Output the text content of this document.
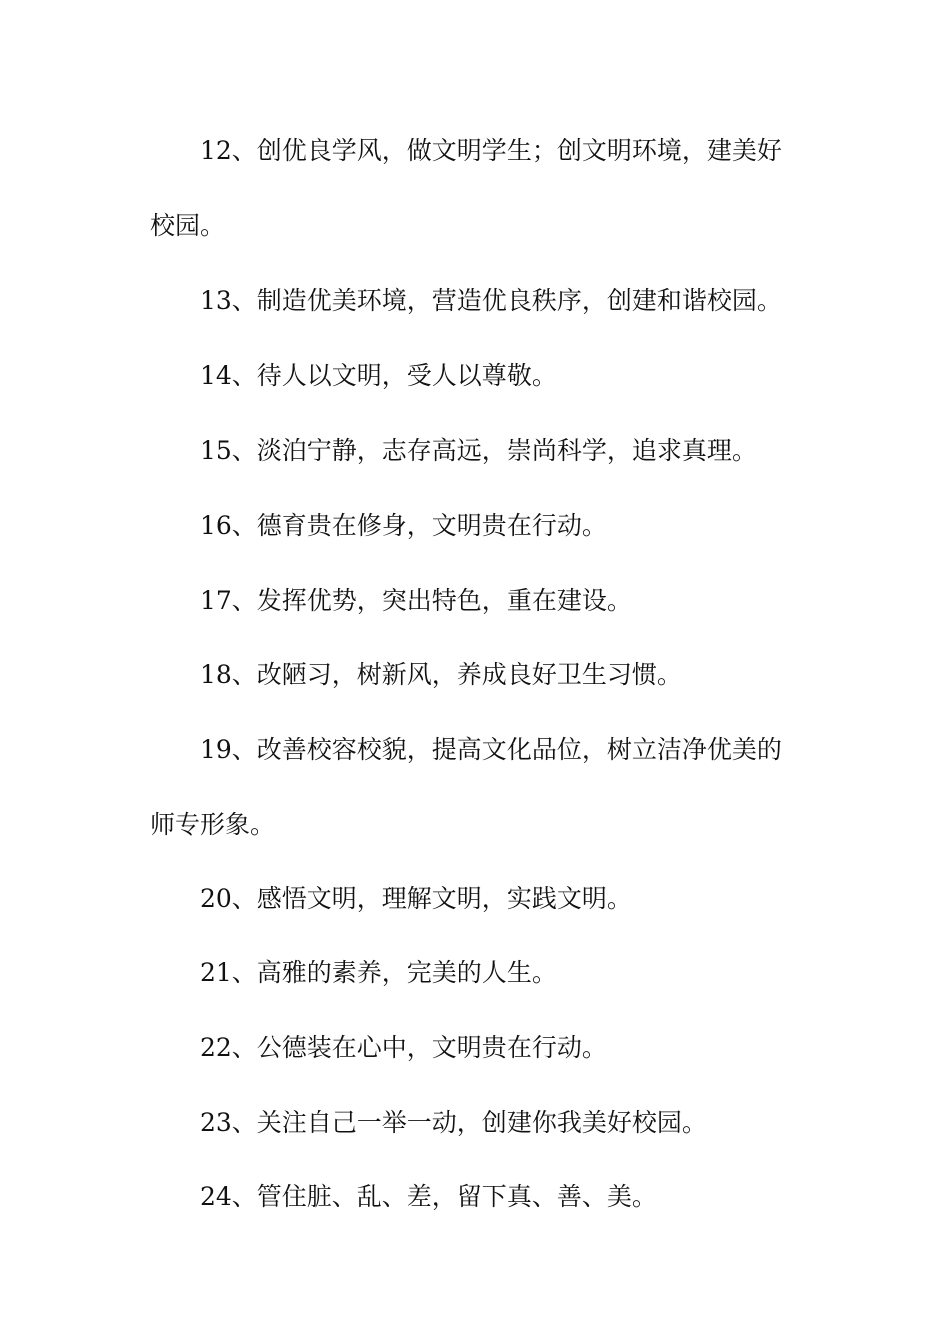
12、创优良学风，做文明学生；创文明环境，建美好

校园。

13、制造优美环境，营造优良秩序，创建和谐校园。

14、待人以文明，受人以尊敬。

15、淡泊宁静，志存高远，崇尚科学，追求真理。

16、德育贵在修身，文明贵在行动。

17、发挥优势，突出特色，重在建设。

18、改陋习，树新风，养成良好卫生习惯。

19、改善校容校貌，提高文化品位，树立洁净优美的

师专形象。

20、感悟文明，理解文明，实践文明。

21、高雅的素养，完美的人生。

22、公德装在心中，文明贵在行动。

23、关注自己一举一动，创建你我美好校园。

24、管住脏、乱、差，留下真、善、美。
